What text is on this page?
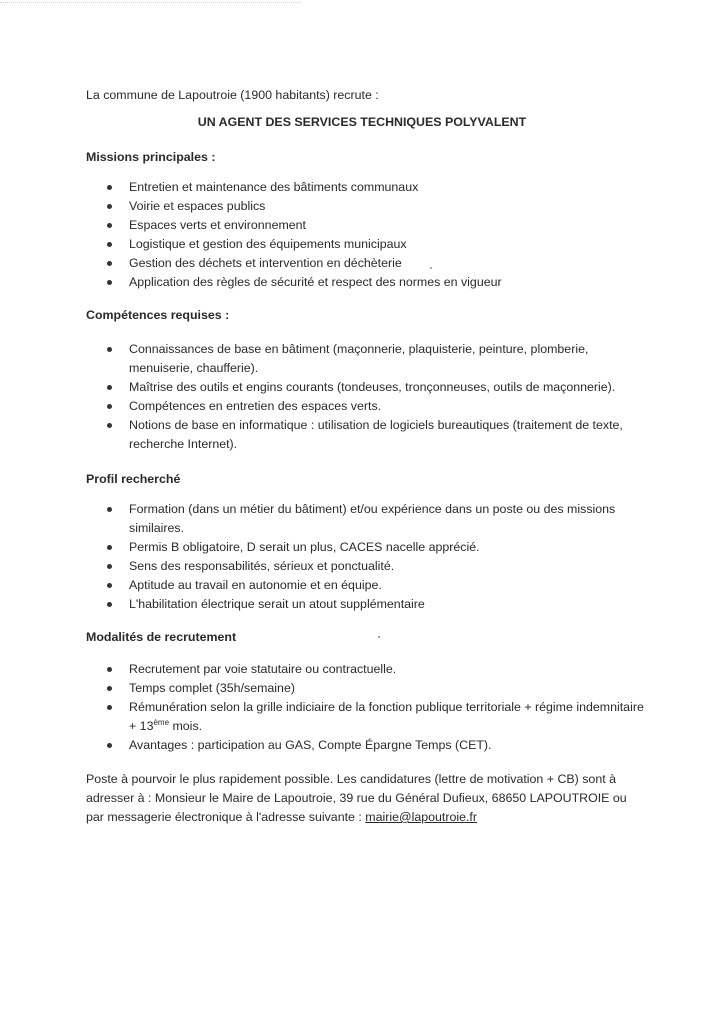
La commune de Lapoutroie (1900 habitants) recrute :
UN AGENT DES SERVICES TECHNIQUES POLYVALENT
Missions principales :
Entretien et maintenance des bâtiments communaux
Voirie et espaces publics
Espaces verts et environnement
Logistique et gestion des équipements municipaux
Gestion des déchets et intervention en déchèterie
Application des règles de sécurité et respect des normes en vigueur
Compétences requises :
Connaissances de base en bâtiment (maçonnerie, plaquisterie, peinture, plomberie, menuiserie, chaufferie).
Maîtrise des outils et engins courants (tondeuses, tronçonneuses, outils de maçonnerie).
Compétences en entretien des espaces verts.
Notions de base en informatique : utilisation de logiciels bureautiques (traitement de texte, recherche Internet).
Profil recherché
Formation (dans un métier du bâtiment) et/ou expérience dans un poste ou des missions similaires.
Permis B obligatoire, D serait un plus, CACES nacelle apprécié.
Sens des responsabilités, sérieux et ponctualité.
Aptitude au travail en autonomie et en équipe.
L'habilitation électrique serait un atout supplémentaire
Modalités de recrutement
Recrutement par voie statutaire ou contractuelle.
Temps complet (35h/semaine)
Rémunération selon la grille indiciaire de la fonction publique territoriale + régime indemnitaire + 13ème mois.
Avantages : participation au GAS, Compte Épargne Temps (CET).
Poste à pourvoir le plus rapidement possible. Les candidatures (lettre de motivation + CB) sont à adresser à : Monsieur le Maire de Lapoutroie, 39 rue du Général Dufieux, 68650 LAPOUTROIE ou par messagerie électronique à l'adresse suivante : mairie@lapoutroie.fr
